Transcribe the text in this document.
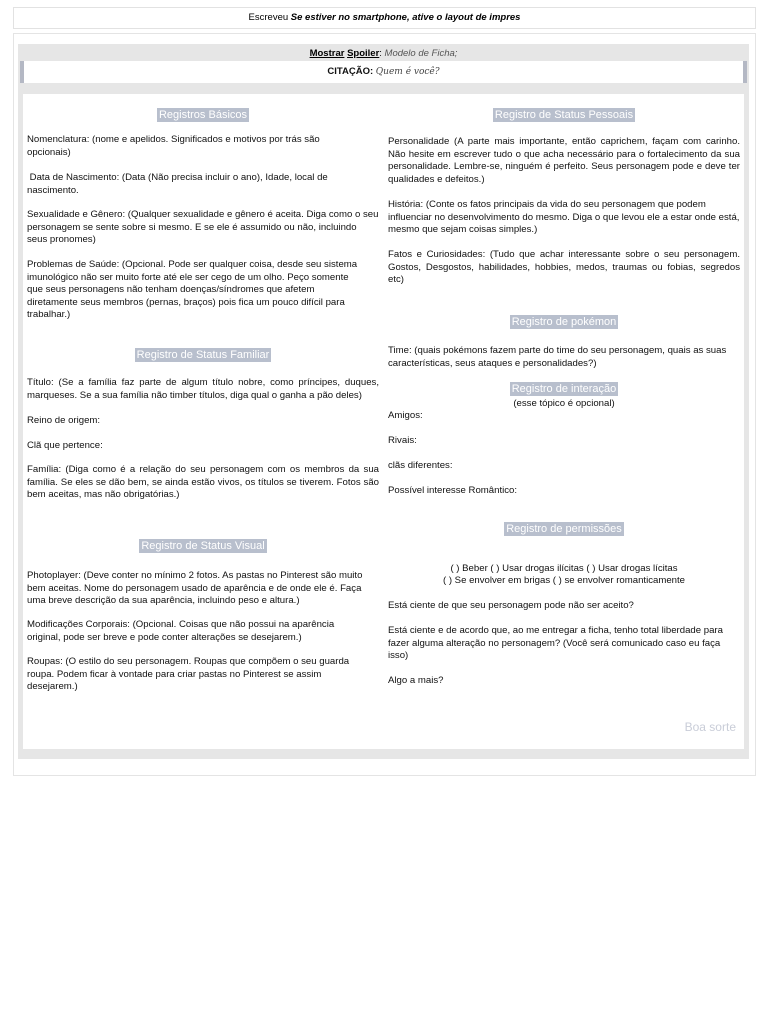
Escreveu Se estiver no smartphone, ative o layout de impres
Mostrar Spoiler: Modelo de Ficha;
CITAÇÃO: Quem é você?
Registros Básicos

Nomenclatura: (nome e apelidos. Significados e motivos por trás são opcionais)

Data de Nascimento: (Data (Não precisa incluir o ano), Idade, local de nascimento.

Sexualidade e Gênero: (Qualquer sexualidade e gênero é aceita. Diga como o seu personagem se sente sobre si mesmo. E se ele é assumido ou não, incluindo seus pronomes)

Problemas de Saúde: (Opcional. Pode ser qualquer coisa, desde seu sistema imunológico não ser muito forte até ele ser cego de um olho. Peço somente que seus personagens não tenham doenças/síndromes que afetem diretamente seus membros (pernas, braços) pois fica um pouco difícil para trabalhar.)

Registro de Status Familiar

Título: (Se a família faz parte de algum título nobre, como príncipes, duques, marqueses. Se a sua família não timber títulos, diga qual o ganha a pão deles)

Reino de origem:

Clã que pertence:

Família: (Diga como é a relação do seu personagem com os membros da sua família. Se eles se dão bem, se ainda estão vivos, os títulos se tiverem. Fotos são bem aceitas, mas não obrigatórias.)

Registro de Status Visual

Photoplayer: (Deve conter no mínimo 2 fotos. As pastas no Pinterest são muito bem aceitas. Nome do personagem usado de aparência e de onde ele é. Faça uma breve descrição da sua aparência, incluindo peso e altura.)

Modificações Corporais: (Opcional. Coisas que não possui na aparência original, pode ser breve e pode conter alterações se desejarem.)

Roupas: (O estilo do seu personagem. Roupas que compõem o seu guarda roupa. Podem ficar à vontade para criar pastas no Pinterest se assim desejarem.)

Registro de Status Pessoais

Personalidade (A parte mais importante, então caprichem, façam com carinho. Não hesite em escrever tudo o que acha necessário para o fortalecimento da sua personalidade. Lembre-se, ninguém é perfeito. Seus personagem pode e deve ter qualidades e defeitos.)

História: (Conte os fatos principais da vida do seu personagem que podem influenciar no desenvolvimento do mesmo. Diga o que levou ele a estar onde está, mesmo que sejam coisas simples.)

Fatos e Curiosidades: (Tudo que achar interessante sobre o seu personagem. Gostos, Desgostos, habilidades, hobbies, medos, traumas ou fobias, segredos etc)

Registro de pokémon

Time: (quais pokémons fazem parte do time do seu personagem, quais as suas características, seus ataques e personalidades?)

Registro de interação

(esse tópico é opcional)

Amigos:

Rivais:

clãs diferentes:

Possível interesse Romântico:

Registro de permissões

( ) Beber ( ) Usar drogas ilícitas ( ) Usar drogas lícitas

( ) Se envolver em brigas ( ) se envolver romanticamente

Está ciente de que seu personagem pode não ser aceito?

Está ciente e de acordo que, ao me entregar a ficha, tenho total liberdade para fazer alguma alteração no personagem? (Você será comunicado caso eu faça isso)

Algo a mais?

Boa sorte
